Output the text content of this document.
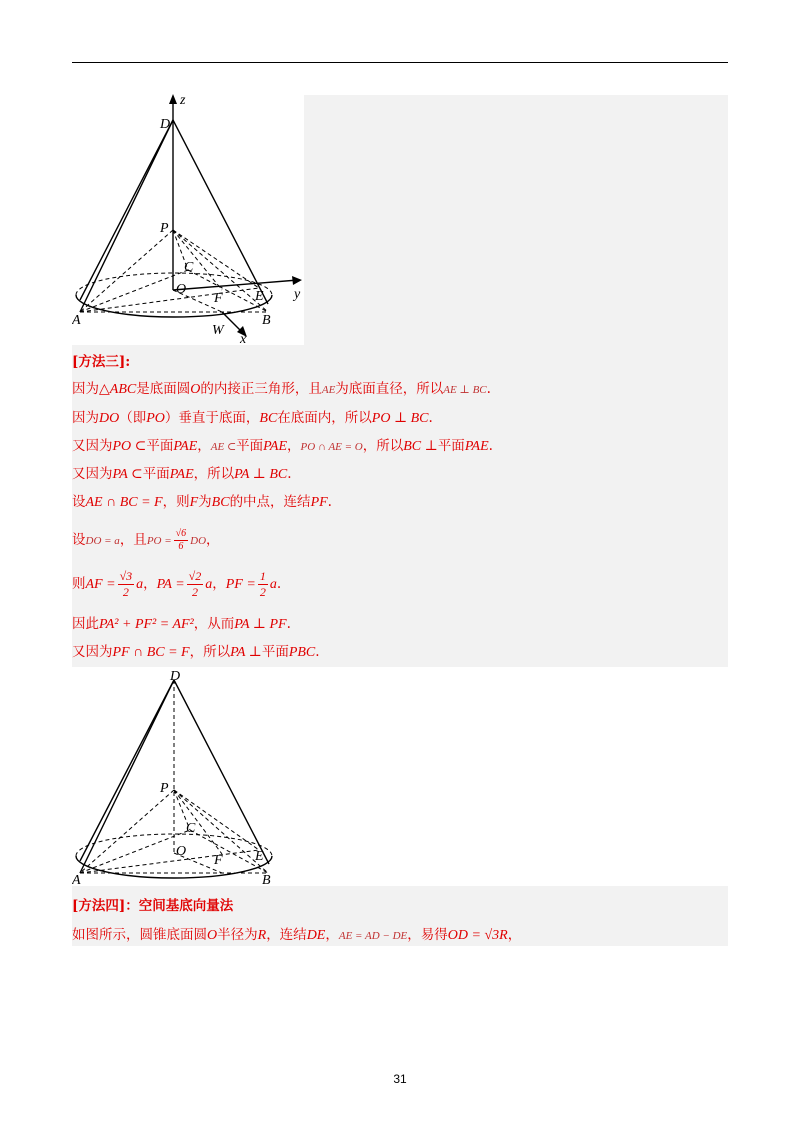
z
D
P
C
O
F E y
A	B
W
x
[方法三]:
因为△ABC是底面圆O的内接正三角形，且AE为底面直径，所以AE ⊥ BC.
因为DO（即PO）垂直于底面，BC在底面内，所以PO ⊥ BC.
又因为PO ⊂平面PAE，AE ⊂平面PAE，PO ∩ AE = O，所以BC ⊥平面PAE.
又因为PA ⊂平面PAE，所以PA ⊥ BC.
设AE ∩ BC = F，则F为BC的中点，连结PF.
设DO = a，且PO = $\frac{√6}{6}$ DO，
则AF = $\frac{√3}{2}$ a，PA = $\frac{√2}{2}$ a，PF = $\frac{1}{2} a$.
因此PA² + PF² = AF²，从而PA ⊥ PF.
又因为PF ∩ BC = F，所以PA ⊥平面PBC.
D
P
C
O
F E
A	B
[方法四]：空间基底向量法
如图所示，圆锥底面圆O半径为R，连结DE，AE = AD − DE，易得OD = √3R，
31
